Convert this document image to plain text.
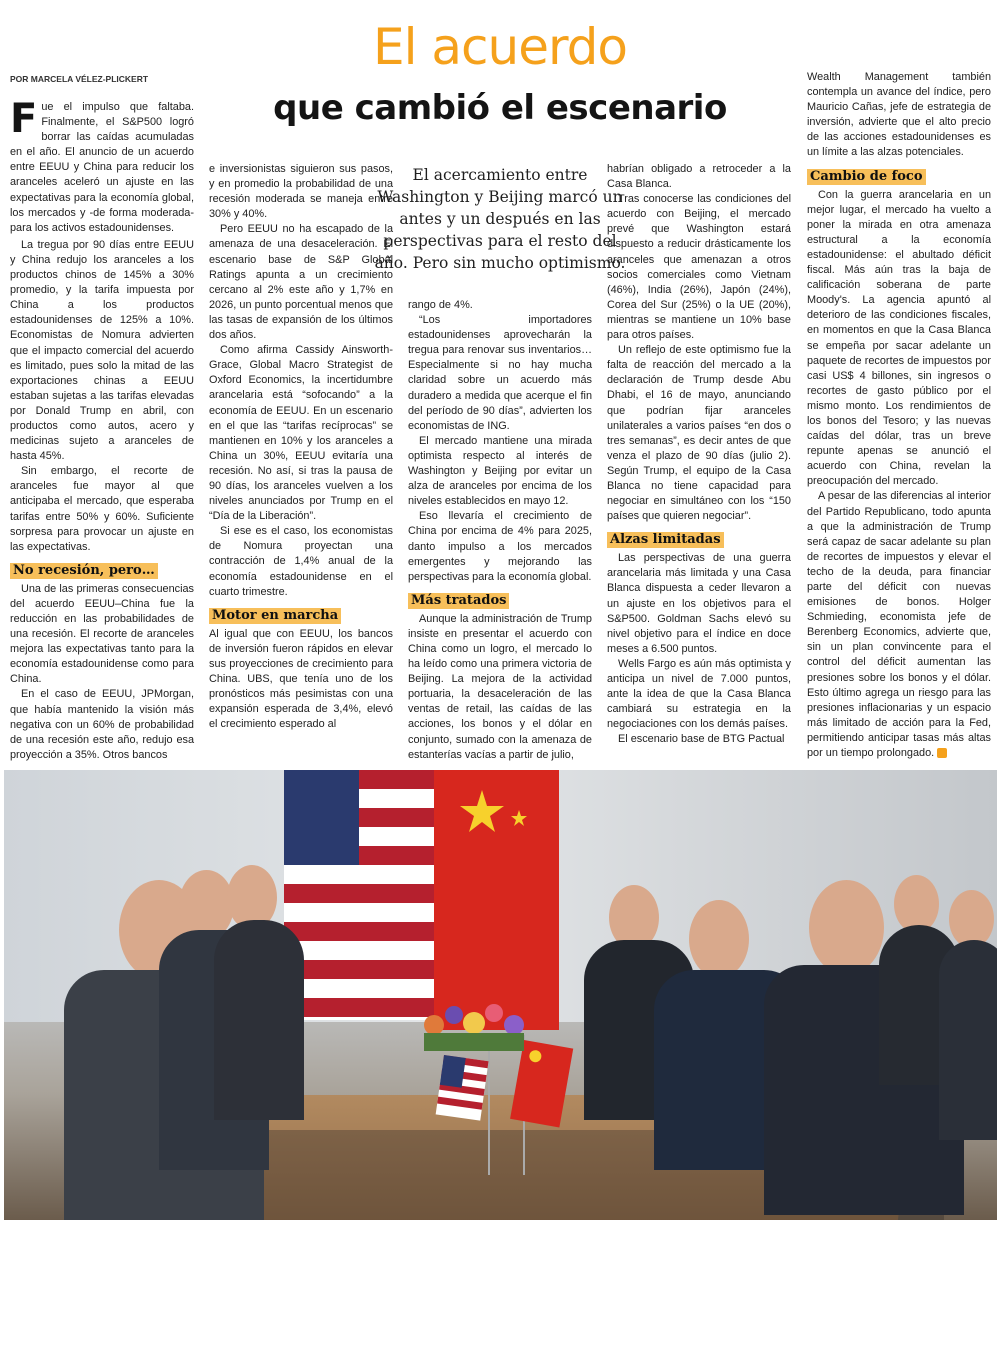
El acuerdo
que cambió el escenario
POR MARCELA VÉLEZ-PLICKERT
El acercamiento entre Washington y Beijing marcó un antes y un después en las perspectivas para el resto del año. Pero sin mucho optimismo.

Fue el impulso que faltaba. Finalmente, el S&P500 logró borrar las caídas acumuladas en el año. El anuncio de un acuerdo entre EEUU y China para reducir los aranceles aceleró un ajuste en las expectativas para la economía global, los mercados y -de forma moderada- para los activos estadounidenses.

La tregua por 90 días entre EEUU y China redujo los aranceles a los productos chinos de 145% a 30% promedio, y la tarifa impuesta por China a los productos estadounidenses de 125% a 10%. Economistas de Nomura advierten que el impacto comercial del acuerdo es limitado, pues solo la mitad de las exportaciones chinas a EEUU estaban sujetas a las tarifas elevadas por Donald Trump en abril, con productos como autos, acero y medicinas sujeto a aranceles de hasta 45%.

Sin embargo, el recorte de aranceles fue mayor al que anticipaba el mercado, que esperaba tarifas entre 50% y 60%. Suficiente sorpresa para provocar un ajuste en las expectativas.

No recesión, pero…

Una de las primeras consecuencias del acuerdo EEUU–China fue la reducción en las probabilidades de una recesión. El recorte de aranceles mejora las expectativas tanto para la economía estadounidense como para China.

En el caso de EEUU, JPMorgan, que había mantenido la visión más negativa con un 60% de probabilidad de una recesión este año, redujo esa proyección a 35%. Otros bancos

e inversionistas siguieron sus pasos, y en promedio la probabilidad de una recesión moderada se maneja entre 30% y 40%.

Pero EEUU no ha escapado de la amenaza de una desaceleración. El escenario base de S&P Global Ratings apunta a un crecimiento cercano al 2% este año y 1,7% en 2026, un punto porcentual menos que las tasas de expansión de los últimos dos años.

Como afirma Cassidy Ainsworth-Grace, Global Macro Strategist de Oxford Economics, la incertidumbre arancelaria está “sofocando” a la economía de EEUU. En un escenario en el que las “tarifas recíprocas” se mantienen en 10% y los aranceles a China un 30%, EEUU evitaría una recesión. No así, si tras la pausa de 90 días, los aranceles vuelven a los niveles anunciados por Trump en el “Día de la Liberación”.

Si ese es el caso, los economistas de Nomura proyectan una contracción de 1,4% anual de la economía estadounidense en el cuarto trimestre.

Motor en marcha

Al igual que con EEUU, los bancos de inversión fueron rápidos en elevar sus proyecciones de crecimiento para China. UBS, que tenía uno de los pronósticos más pesimistas con una expansión esperada de 3,4%, elevó el crecimiento esperado al

rango de 4%.

“Los importadores estadounidenses aprovecharán la tregua para renovar sus inventarios… Especialmente si no hay mucha claridad sobre un acuerdo más duradero a medida que acerque el fin del período de 90 días”, advierten los economistas de ING.

El mercado mantiene una mirada optimista respecto al interés de Washington y Beijing por evitar un alza de aranceles por encima de los niveles establecidos en mayo 12.

Eso llevaría el crecimiento de China por encima de 4% para 2025, danto impulso a los mercados emergentes y mejorando las perspectivas para la economía global.

Más tratados

Aunque la administración de Trump insiste en presentar el acuerdo con China como un logro, el mercado lo ha leído como una primera victoria de Beijing. La mejora de la actividad portuaria, la desaceleración de las ventas de retail, las caídas de las acciones, los bonos y el dólar en conjunto, sumado con la amenaza de estanterías vacías a partir de julio,

habrían obligado a retroceder a la Casa Blanca.

Tras conocerse las condiciones del acuerdo con Beijing, el mercado prevé que Washington estará dispuesto a reducir drásticamente los aranceles que amenazan a otros socios comerciales como Vietnam (46%), India (26%), Japón (24%), Corea del Sur (25%) o la UE (20%), mientras se mantiene un 10% base para otros países.

Un reflejo de este optimismo fue la falta de reacción del mercado a la declaración de Trump desde Abu Dhabi, el 16 de mayo, anunciando que podrían fijar aranceles unilaterales a varios países “en dos o tres semanas”, es decir antes de que venza el plazo de 90 días (julio 2). Según Trump, el equipo de la Casa Blanca no tiene capacidad para negociar en simultáneo con los “150 países que quieren negociar”.

Alzas limitadas

Las perspectivas de una guerra arancelaria más limitada y una Casa Blanca dispuesta a ceder llevaron a un ajuste en los objetivos para el S&P500. Goldman Sachs elevó su nivel objetivo para el índice en doce meses a 6.500 puntos.

Wells Fargo es aún más optimista y anticipa un nivel de 7.000 puntos, ante la idea de que la Casa Blanca cambiará su estrategia en la negociaciones con los demás países.

El escenario base de BTG Pactual

Wealth Management también contempla un avance del índice, pero Mauricio Cañas, jefe de estrategia de inversión, advierte que el alto precio de las acciones estadounidenses es un límite a las alzas potenciales.

Cambio de foco

Con la guerra arancelaria en un mejor lugar, el mercado ha vuelto a poner la mirada en otra amenaza estructural a la economía estadounidense: el abultado déficit fiscal. Más aún tras la baja de calificación soberana de parte Moody's. La agencia apuntó al deterioro de las condiciones fiscales, en momentos en que la Casa Blanca se empeña por sacar adelante un paquete de recortes de impuestos por casi US$ 4 billones, sin ingresos o recortes de gasto público por el mismo monto. Los rendimientos de los bonos del Tesoro; y las nuevas caídas del dólar, tras un breve repunte apenas se anunció el acuerdo con China, revelan la preocupación del mercado.

A pesar de las diferencias al interior del Partido Republicano, todo apunta a que la administración de Trump será capaz de sacar adelante su plan de recortes de impuestos y elevar el techo de la deuda, para financiar parte del déficit con nuevas emisiones de bonos. Holger Schmieding, economista jefe de Berenberg Economics, advierte que, sin un plan convincente para el control del déficit aumentan las presiones sobre los bonos y el dólar. Esto último agrega un riesgo para las presiones inflacionarias y un espacio más limitado de acción para la Fed, permitiendo anticipar tasas más altas por un tiempo prolongado.
